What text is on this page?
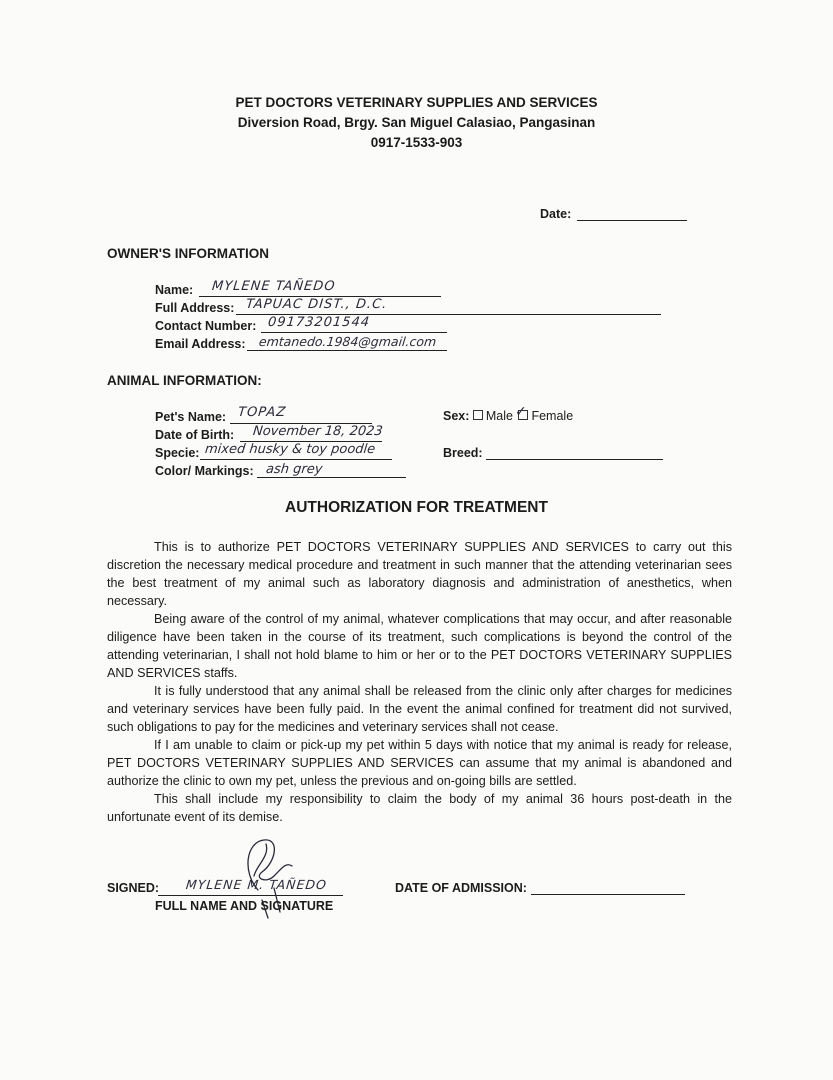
PET DOCTORS VETERINARY SUPPLIES AND SERVICES
Diversion Road, Brgy. San Miguel Calasiao, Pangasinan
0917-1533-903
Date:
OWNER'S INFORMATION
Name: MYLENE TAÑEDO
Full Address: TAPUAC DIST., D.C.
Contact Number: 09173201544
Email Address: emtanedo.1984@gmail.com
ANIMAL INFORMATION:
Pet's Name: TOPAZ
Date of Birth: November 18, 2023
Specie: mixed husky & toy poodle
Color/ Markings: ash grey
Sex: Male Female
✓
Breed:
AUTHORIZATION FOR TREATMENT

This is to authorize PET DOCTORS VETERINARY SUPPLIES AND SERVICES to carry out this discretion the necessary medical procedure and treatment in such manner that the attending veterinarian sees the best treatment of my animal such as laboratory diagnosis and administration of anesthetics, when necessary.

Being aware of the control of my animal, whatever complications that may occur, and after reasonable diligence have been taken in the course of its treatment, such complications is beyond the control of the attending veterinarian, I shall not hold blame to him or her or to the PET DOCTORS VETERINARY SUPPLIES AND SERVICES staffs.

It is fully understood that any animal shall be released from the clinic only after charges for medicines and veterinary services have been fully paid. In the event the animal confined for treatment did not survived, such obligations to pay for the medicines and veterinary services shall not cease.

If I am unable to claim or pick-up my pet within 5 days with notice that my animal is ready for release, PET DOCTORS VETERINARY SUPPLIES AND SERVICES can assume that my animal is abandoned and authorize the clinic to own my pet, unless the previous and on-going bills are settled.

This shall include my responsibility to claim the body of my animal 36 hours post-death in the unfortunate event of its demise.

SIGNED: MYLENE M. TAÑEDO
FULL NAME AND SIGNATURE
DATE OF ADMISSION:
